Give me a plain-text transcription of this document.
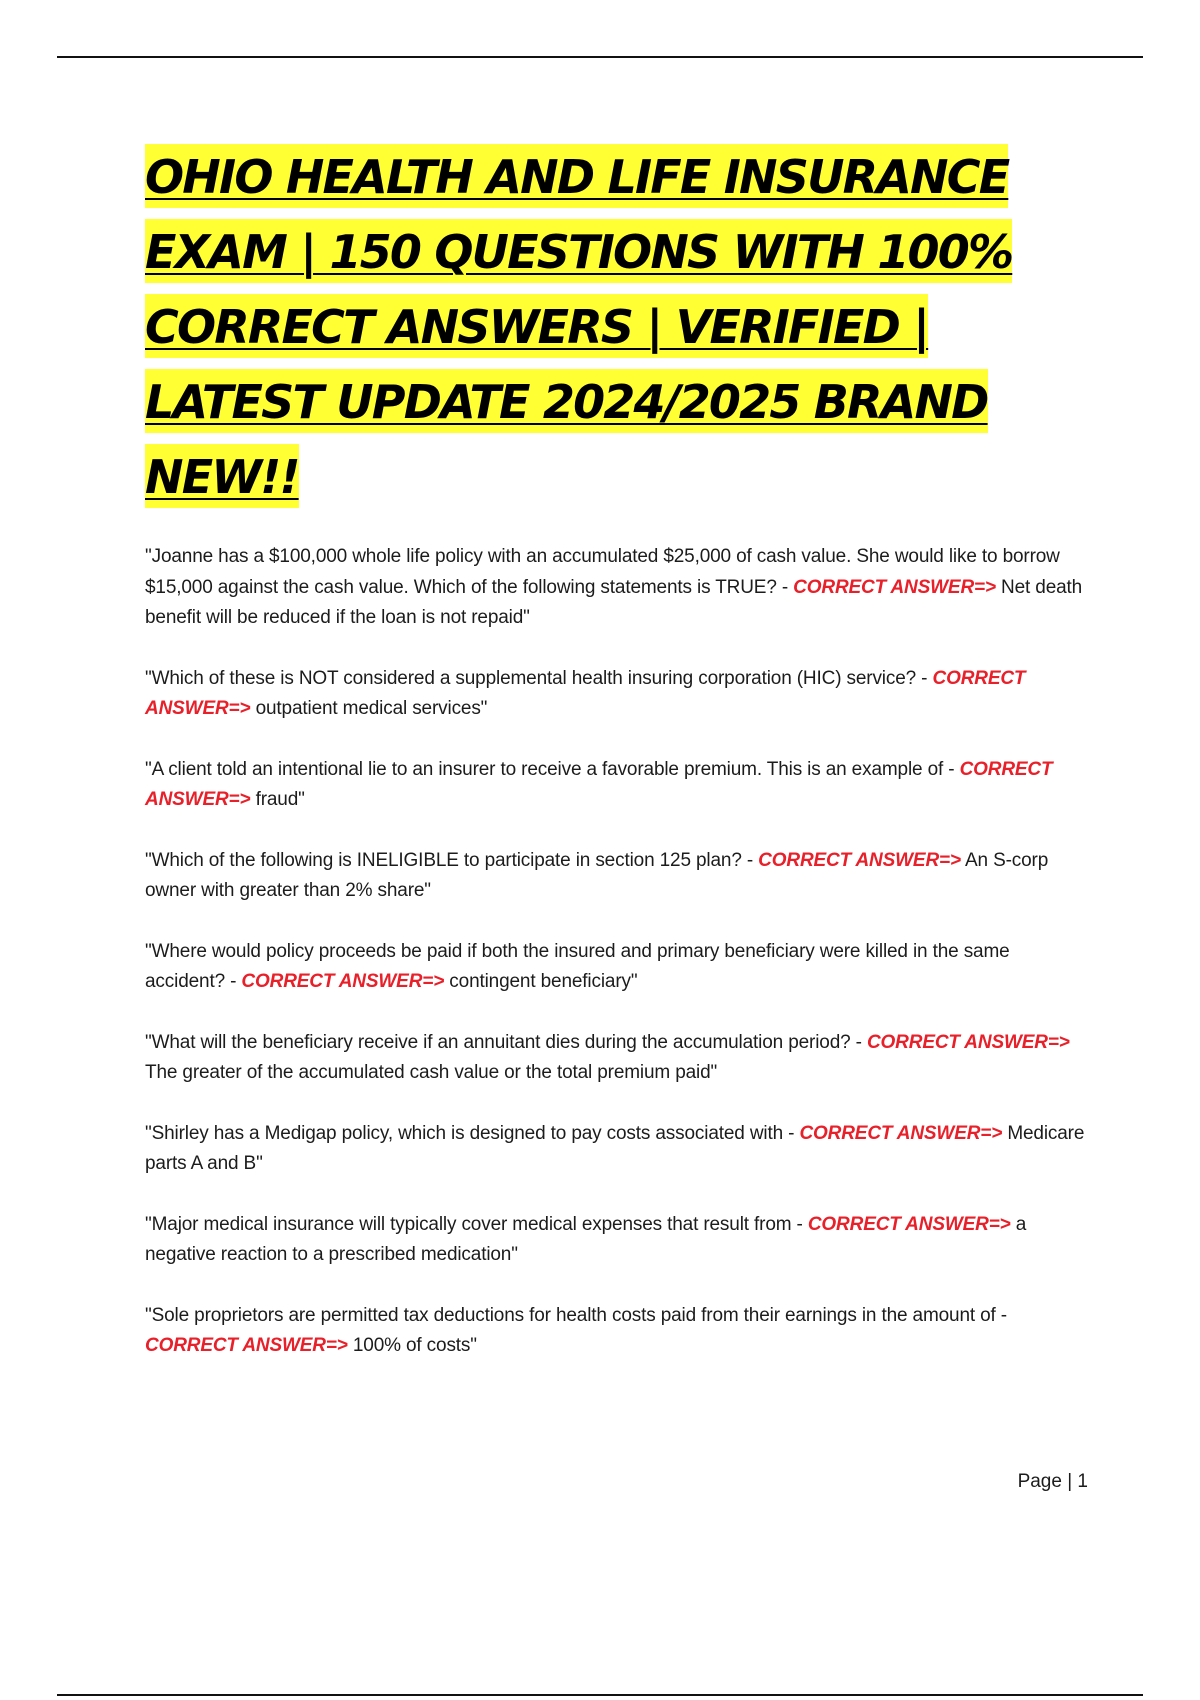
OHIO HEALTH AND LIFE INSURANCE
EXAM | 150 QUESTIONS WITH 100%
CORRECT ANSWERS | VERIFIED |
LATEST UPDATE 2024/2025 BRAND
NEW!!

"Joanne has a $100,000 whole life policy with an accumulated $25,000 of cash value. She would like to borrow $15,000 against the cash value. Which of the following statements is TRUE? - CORRECT ANSWER=> Net death benefit will be reduced if the loan is not repaid"

"Which of these is NOT considered a supplemental health insuring corporation (HIC) service? - CORRECT ANSWER=> outpatient medical services"

"A client told an intentional lie to an insurer to receive a favorable premium. This is an example of - CORRECT ANSWER=> fraud"

"Which of the following is INELIGIBLE to participate in section 125 plan? - CORRECT ANSWER=> An S-corp owner with greater than 2% share"

"Where would policy proceeds be paid if both the insured and primary beneficiary were killed in the same accident? - CORRECT ANSWER=> contingent beneficiary"

"What will the beneficiary receive if an annuitant dies during the accumulation period? - CORRECT ANSWER=> The greater of the accumulated cash value or the total premium paid"

"Shirley has a Medigap policy, which is designed to pay costs associated with - CORRECT ANSWER=> Medicare parts A and B"

"Major medical insurance will typically cover medical expenses that result from - CORRECT ANSWER=> a negative reaction to a prescribed medication"

"Sole proprietors are permitted tax deductions for health costs paid from their earnings in the amount of - CORRECT ANSWER=> 100% of costs"

Page | 1
